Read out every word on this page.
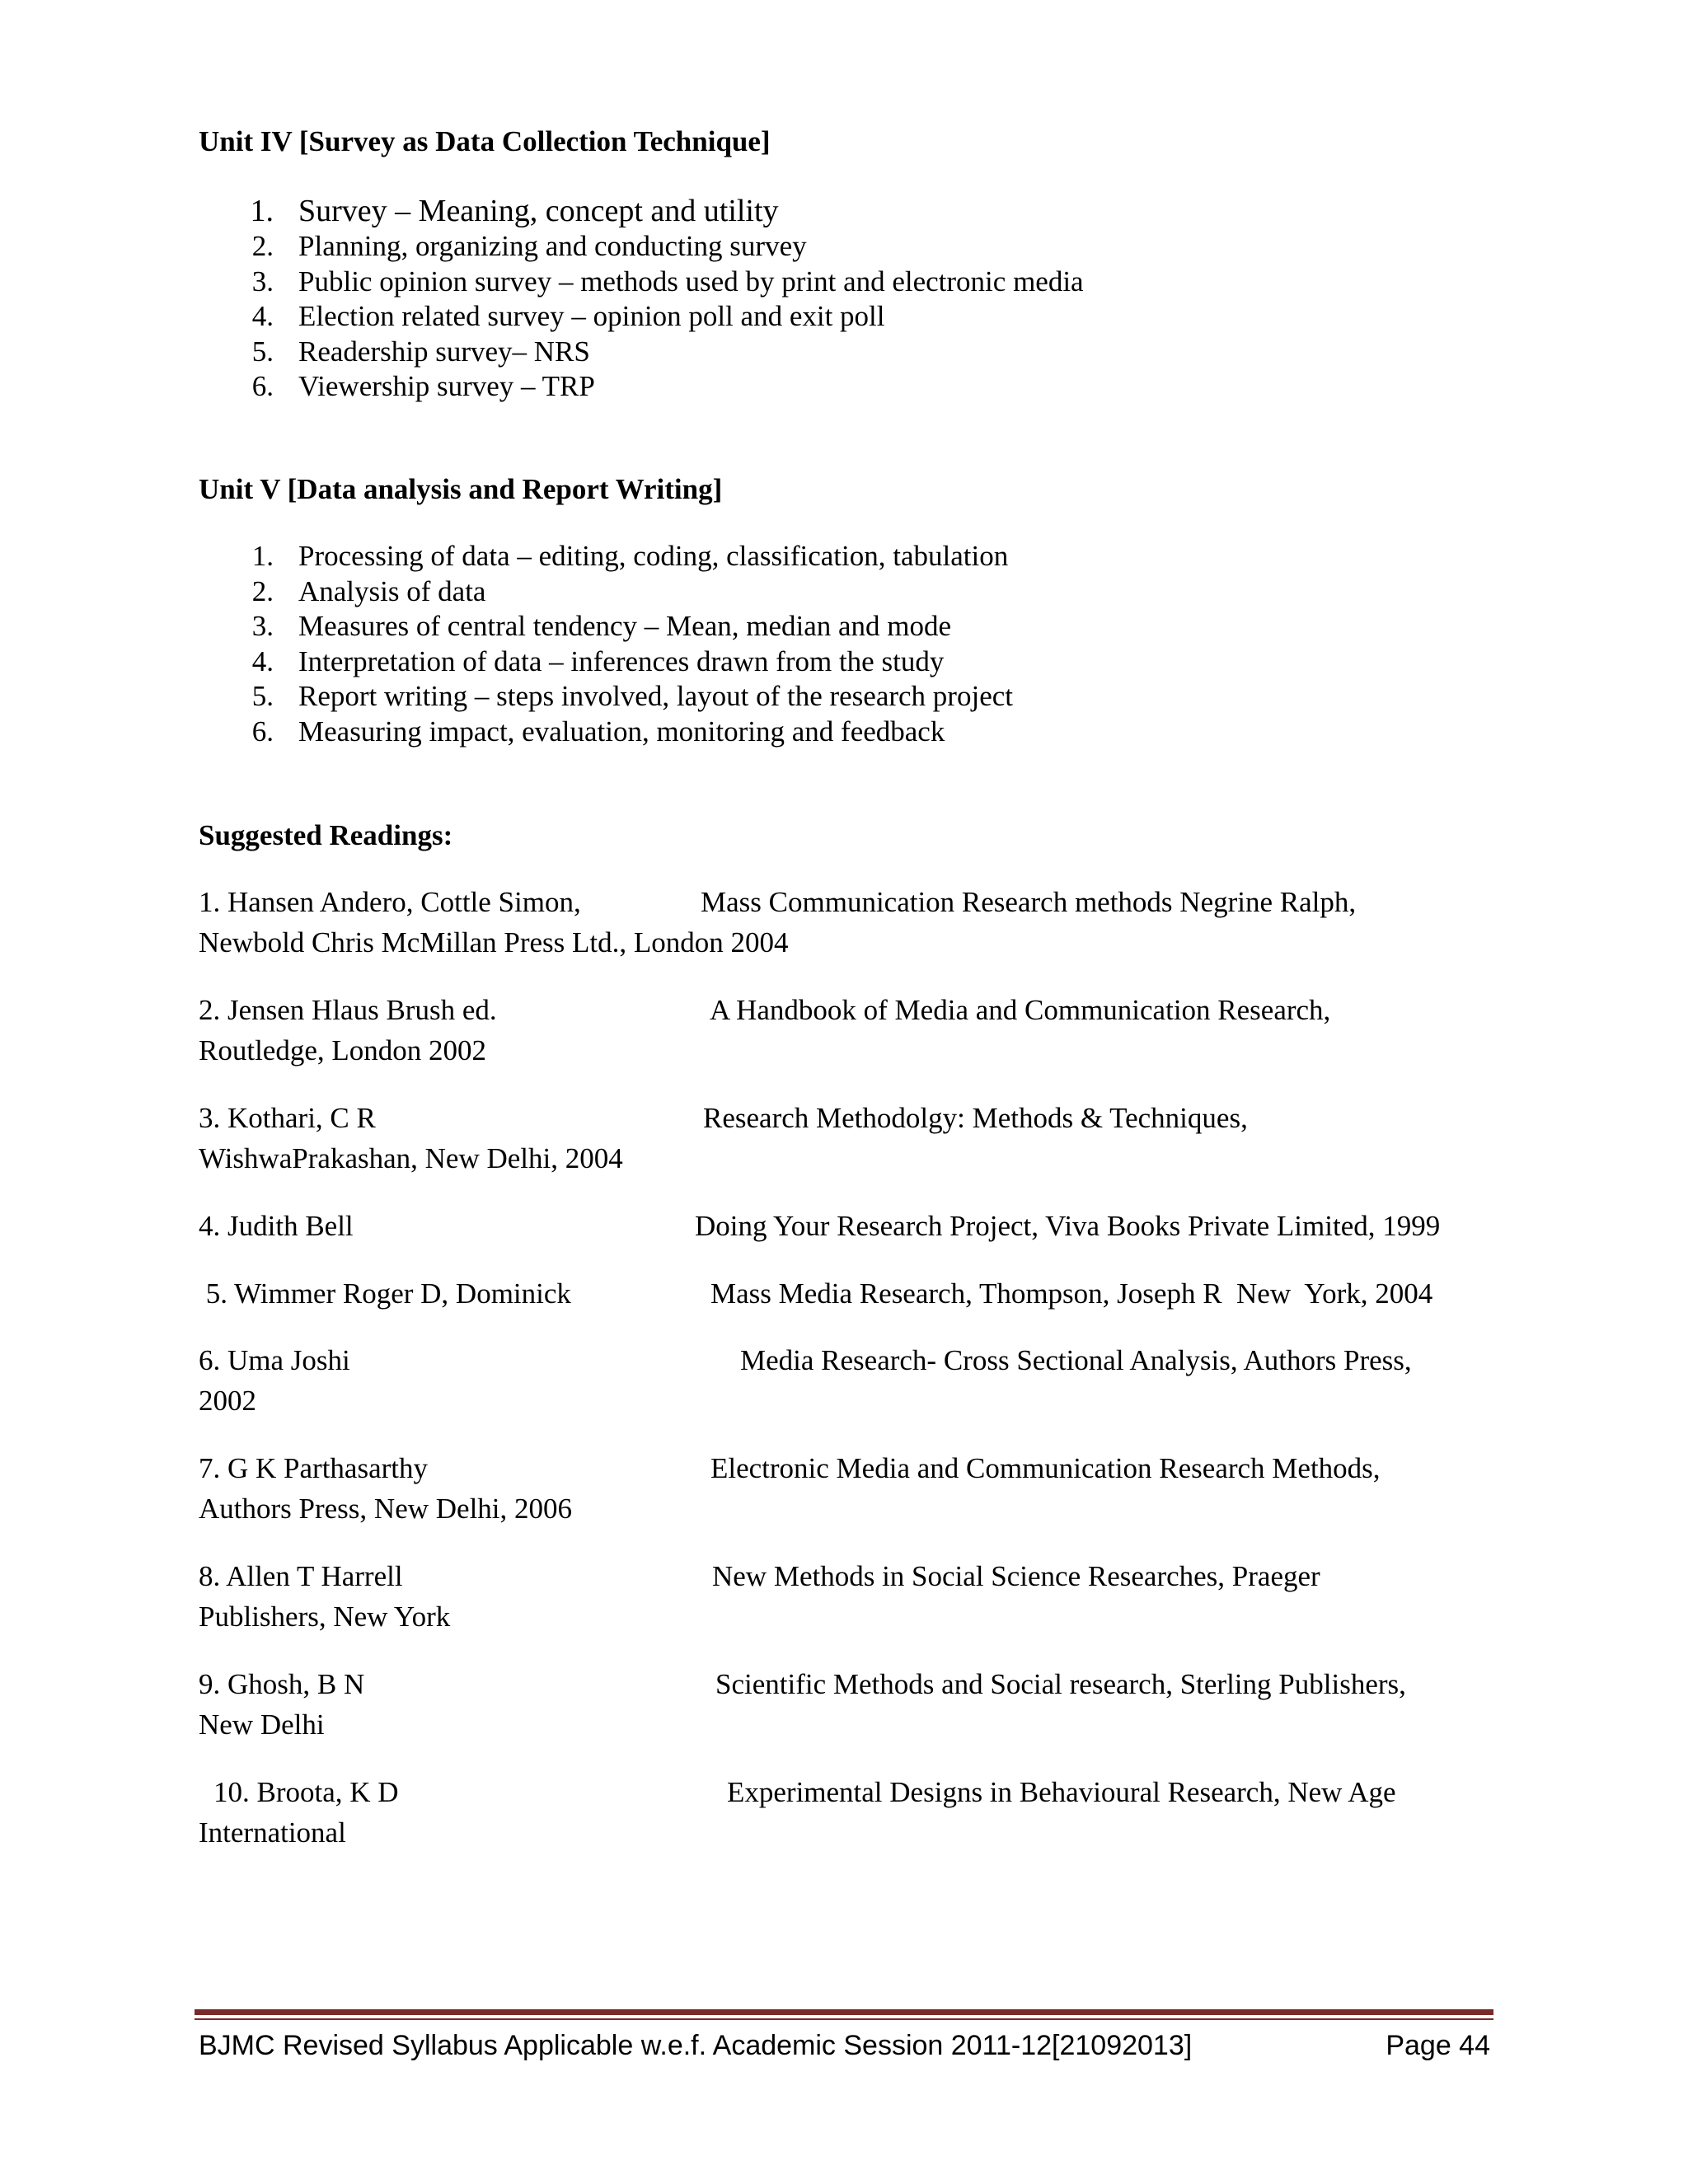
Unit IV [Survey as Data Collection Technique]
1. Survey – Meaning, concept and utility
2. Planning, organizing and conducting survey
3. Public opinion survey – methods used by print and electronic media
4. Election related survey – opinion poll and exit poll
5. Readership survey– NRS
6. Viewership survey – TRP
Unit V [Data analysis and Report Writing]
1. Processing of data – editing, coding, classification, tabulation
2. Analysis of data
3. Measures of central tendency – Mean, median and mode
4. Interpretation of data – inferences drawn from the study
5. Report writing – steps involved, layout of the research project
6. Measuring impact, evaluation, monitoring and feedback
Suggested Readings:
1. Hansen Andero, Cottle Simon,	Mass Communication Research methods Negrine Ralph,
Newbold Chris McMillan Press Ltd., London 2004
2. Jensen Hlaus Brush ed.	A Handbook of Media and Communication Research,
Routledge, London 2002
3. Kothari, C R	Research Methodolgy: Methods & Techniques,
WishwaPrakashan, New Delhi, 2004
4. Judith Bell	Doing Your Research Project, Viva Books Private Limited, 1999
5. Wimmer Roger D, Dominick	Mass Media Research, Thompson, Joseph R  New  York, 2004
6. Uma Joshi	Media Research- Cross Sectional Analysis, Authors Press,
2002
7. G K Parthasarthy	Electronic Media and Communication Research Methods,
Authors Press, New Delhi, 2006
8. Allen T Harrell	New Methods in Social Science Researches, Praeger
Publishers, New York
9. Ghosh, B N	Scientific Methods and Social research, Sterling Publishers,
New Delhi
10. Broota, K D	Experimental Designs in Behavioural Research, New Age
International
BJMC Revised Syllabus Applicable w.e.f. Academic Session 2011-12[21092013]	Page 44
